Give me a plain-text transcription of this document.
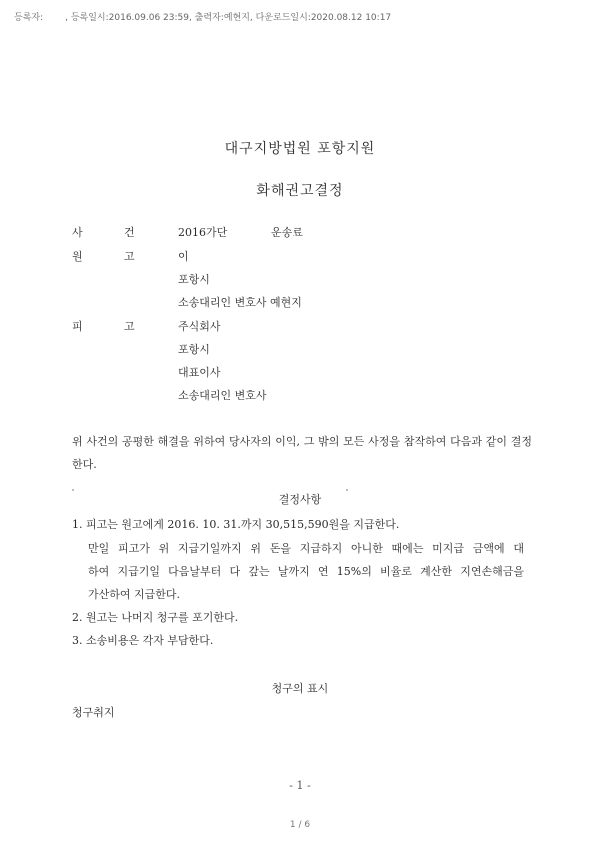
등록자: , 등록일시:2016.09.06 23:59, 출력자:예현지, 다운로드일시:2020.08.12 10:17
대구지방법원 포항지원
화해권고결정
사	건	2016가단	운송료
원	고	이
포항시
소송대리인 변호사 예현지
피	고	주식회사
포항시
대표이사
소송대리인 변호사
위 사건의 공평한 해결을 위하여 당사자의 이익, 그 밖의 모든 사정을 참작하여 다음과 같이 결정한다.
결정사항
1. 피고는 원고에게 2016. 10. 31.까지 30,515,590원을 지급한다.
만일 피고가 위 지급기일까지 위 돈을 지급하지 아니한 때에는 미지급 금액에 대
하여 지급기일 다음날부터 다 갚는 날까지 연 15%의 비율로 계산한 지연손해금을
가산하여 지급한다.
2. 원고는 나머지 청구를 포기한다.
3. 소송비용은 각자 부담한다.
청구의 표시
청구취지
- 1 -
1 / 6
